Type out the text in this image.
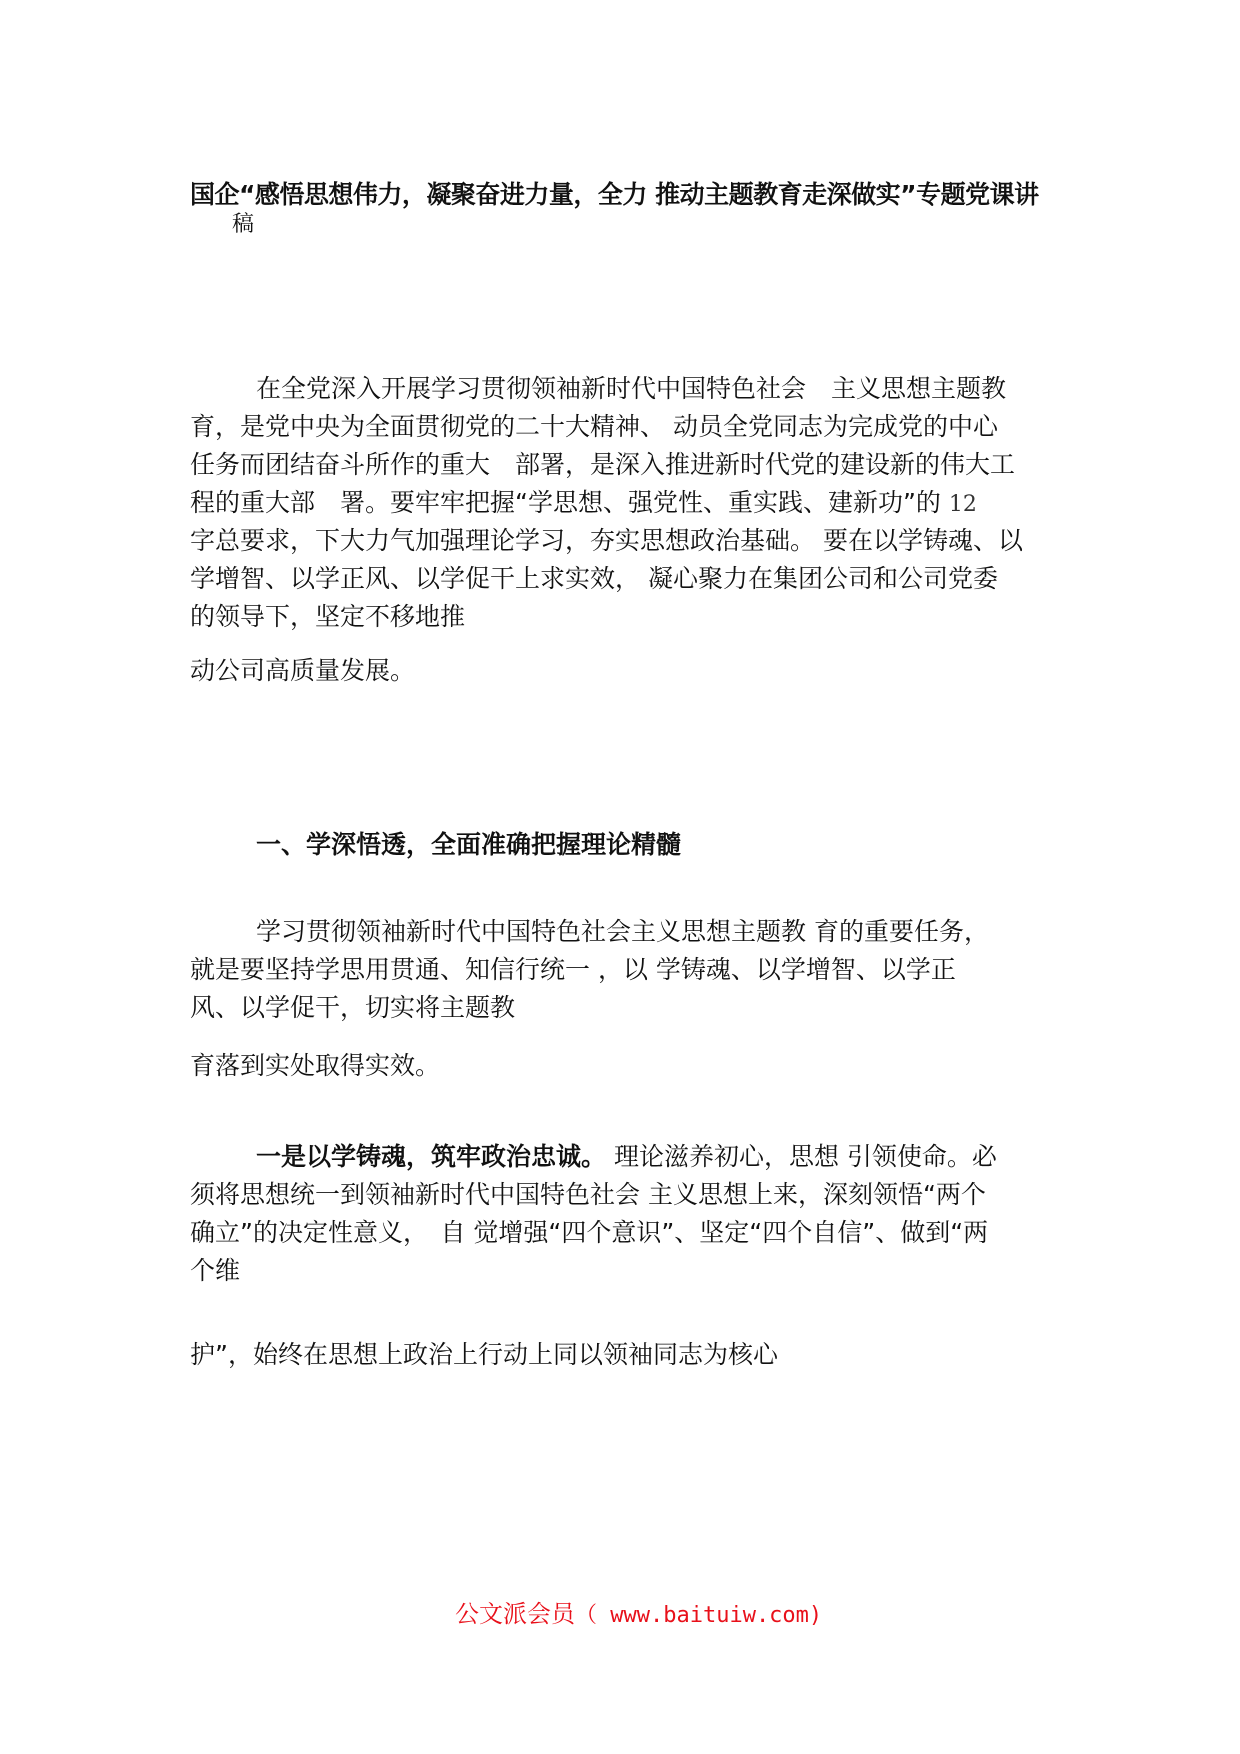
国企“感悟思想伟力，凝聚奋进力量，全力 推动主题教育走深做实”专题党课讲
稿
在全党深入开展学习贯彻领袖新时代中国特色社会　主义思想主题教
育，是党中央为全面贯彻党的二十大精神、 动员全党同志为完成党的中心
任务而团结奋斗所作的重大　部署，是深入推进新时代党的建设新的伟大工
程的重大部　署。要牢牢把握“学思想、强党性、重实践、建新功”的 12
字总要求，下大力气加强理论学习，夯实思想政治基础。 要在以学铸魂、以
学增智、以学正风、以学促干上求实效， 凝心聚力在集团公司和公司党委
的领导下，坚定不移地推
动公司高质量发展。
一、学深悟透，全面准确把握理论精髓
学习贯彻领袖新时代中国特色社会主义思想主题教 育的重要任务，
就是要坚持学思用贯通、知信行统一 ，以 学铸魂、以学增智、以学正
风、以学促干，切实将主题教
育落到实处取得实效。
一是以学铸魂，筑牢政治忠诚。 理论滋养初心，思想 引领使命。必
须将思想统一到领袖新时代中国特色社会 主义思想上来，深刻领悟“两个
确立”的决定性意义，　自 觉增强“四个意识”、坚定“四个自信”、做到“两
个维
护”，始终在思想上政治上行动上同以领袖同志为核心
公文派会员（ www.baituiw.com)
